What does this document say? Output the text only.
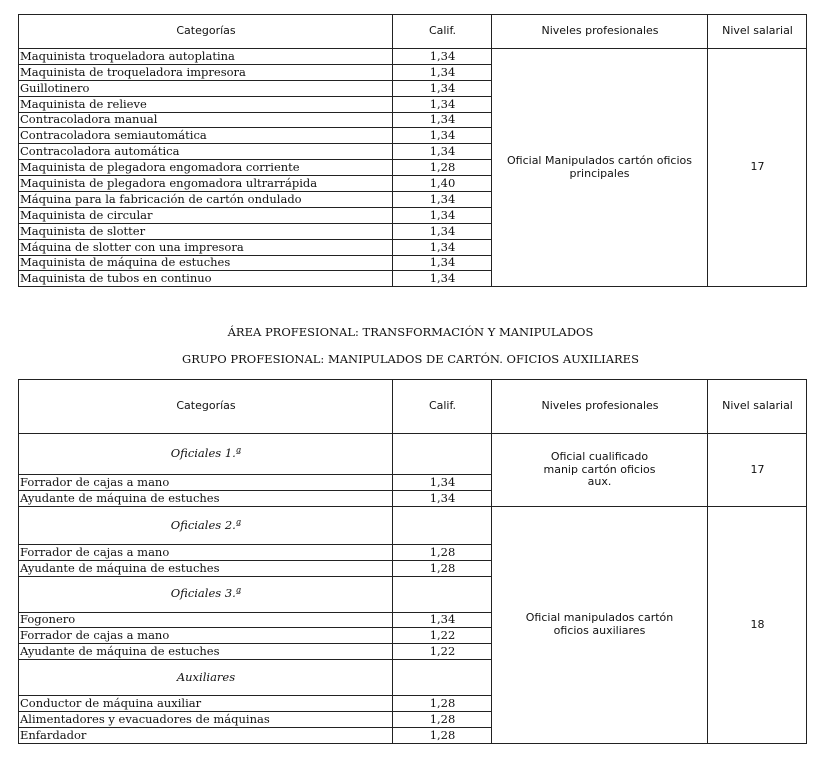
Categorías	Calif.	Niveles profesionales	Nivel salarial
Maquinista troqueladora autoplatina	1,34	Oficial Manipulados cartón oficios principales	17
Maquinista de troqueladora impresora	1,34		
Guillotinero	1,34		
Maquinista de relieve	1,34		
Contracoladora manual	1,34		
Contracoladora semiautomática	1,34		
Contracoladora automática	1,34		
Maquinista de plegadora engomadora corriente	1,28		
Maquinista de plegadora engomadora ultrarrápida	1,40		
Máquina para la fabricación de cartón ondulado	1,34		
Maquinista de circular	1,34		
Maquinista de slotter	1,34		
Máquina de slotter con una impresora	1,34		
Maquinista de máquina de estuches	1,34		
Maquinista de tubos en continuo	1,34		
ÁREA PROFESIONAL: TRANSFORMACIÓN Y MANIPULADOS
GRUPO PROFESIONAL: MANIPULADOS DE CARTÓN. OFICIOS AUXILIARES
Categorías	Calif.	Niveles profesionales	Nivel salarial
Oficiales 1.ª		Oficial cualificado manip cartón oficios aux.	17
Forrador de cajas a mano	1,34		
Ayudante de máquina de estuches	1,34		
Oficiales 2.ª		Oficial manipulados cartón oficios auxiliares	18
Forrador de cajas a mano	1,28		
Ayudante de máquina de estuches	1,28		
Oficiales 3.ª			
Fogonero	1,34		
Forrador de cajas a mano	1,22		
Ayudante de máquina de estuches	1,22		
Auxiliares			
Conductor de máquina auxiliar	1,28		
Alimentadores y evacuadores de máquinas	1,28		
Enfardador	1,28		
